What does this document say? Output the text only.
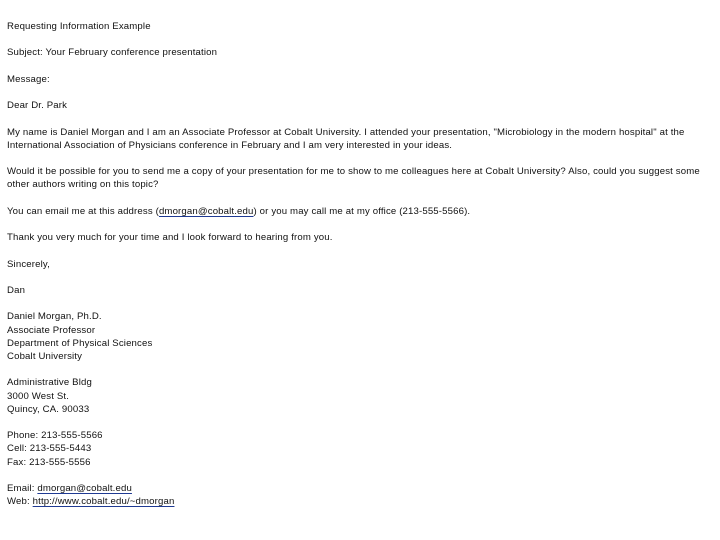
Requesting Information Example
Subject: Your February conference presentation
Message:
Dear Dr. Park
My name is Daniel Morgan and I am an Associate Professor at Cobalt University. I attended your presentation, "Microbiology in the modern hospital" at the International Association of Physicians conference in February and I am very interested in your ideas.
Would it be possible for you to send me a copy of your presentation for me to show to me colleagues here at Cobalt University? Also, could you suggest some other authors writing on this topic?
You can email me at this address (dmorgan@cobalt.edu) or you may call me at my office (213-555-5566).
Thank you very much for your time and I look forward to hearing from you.
Sincerely,
Dan
Daniel Morgan, Ph.D.
Associate Professor
Department of Physical Sciences
Cobalt University
Administrative Bldg
3000 West St.
Quincy, CA. 90033
Phone: 213-555-5566
Cell: 213-555-5443
Fax: 213-555-5556
Email: dmorgan@cobalt.edu
Web: http://www.cobalt.edu/~dmorgan
